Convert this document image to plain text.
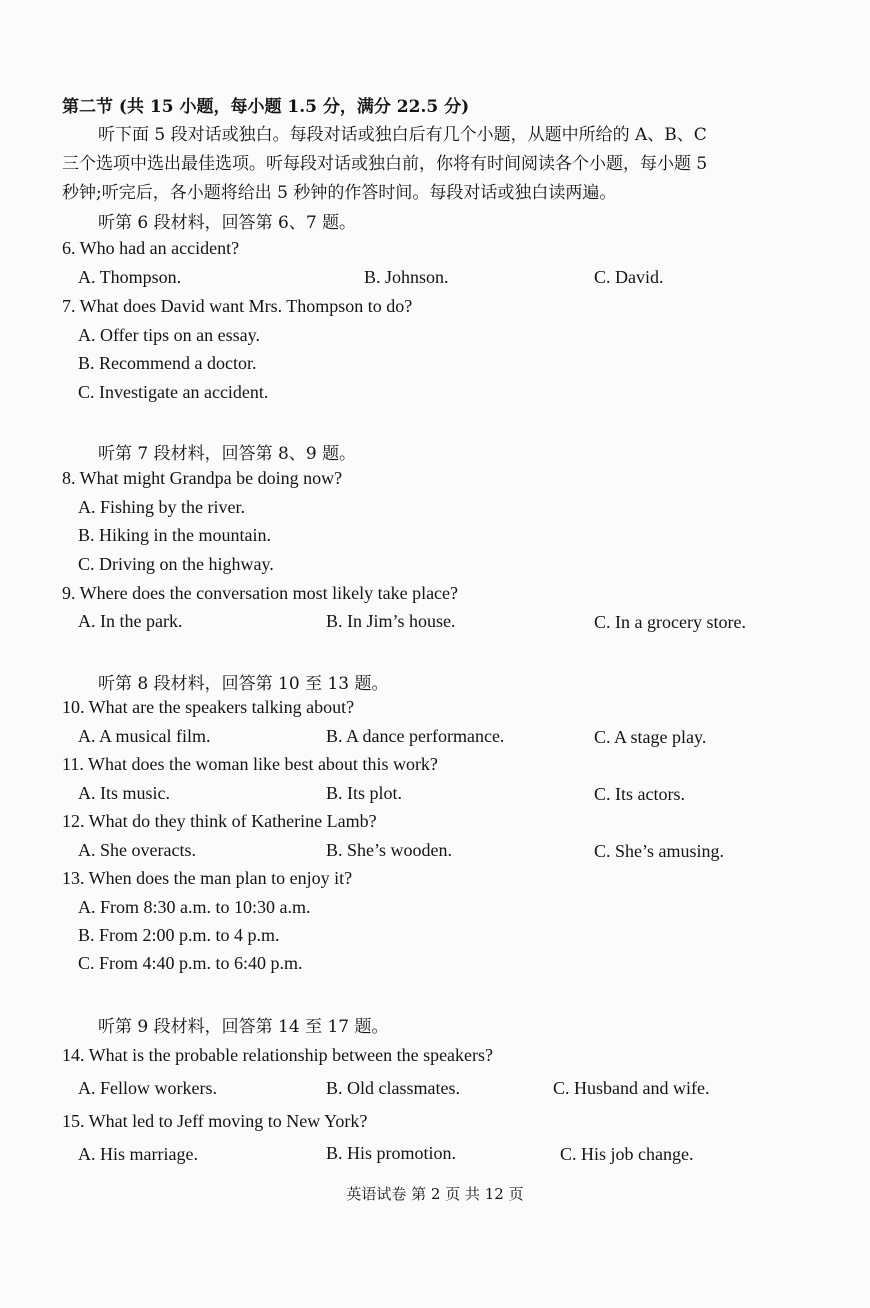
第二节 (共 15 小题，每小题 1.5 分，满分 22.5 分)
听下面 5 段对话或独白。每段对话或独白后有几个小题，从题中所给的 A、B、C
三个选项中选出最佳选项。听每段对话或独白前，你将有时间阅读各个小题，每小题 5
秒钟;听完后，各小题将给出 5 秒钟的作答时间。每段对话或独白读两遍。
听第 6 段材料，回答第 6、7 题。
6. Who had an accident?
A. Thompson.	B. Johnson.	C. David.
7. What does David want Mrs. Thompson to do?
A. Offer tips on an essay.
B. Recommend a doctor.
C. Investigate an accident.
听第 7 段材料，回答第 8、9 题。
8. What might Grandpa be doing now?
A. Fishing by the river.
B. Hiking in the mountain.
C. Driving on the highway.
9. Where does the conversation most likely take place?
A. In the park.	B. In Jim’s house.	C. In a grocery store.
听第 8 段材料，回答第 10 至 13 题。
10. What are the speakers talking about?
A. A musical film.	B. A dance performance.	C. A stage play.
11. What does the woman like best about this work?
A. Its music.	B. Its plot.	C. Its actors.
12. What do they think of Katherine Lamb?
A. She overacts.	B. She’s wooden.	C. She’s amusing.
13. When does the man plan to enjoy it?
A. From 8:30 a.m. to 10:30 a.m.
B. From 2:00 p.m. to 4 p.m.
C. From 4:40 p.m. to 6:40 p.m.
听第 9 段材料，回答第 14 至 17 题。
14. What is the probable relationship between the speakers?
A. Fellow workers.	B. Old classmates.	C. Husband and wife.
15. What led to Jeff moving to New York?
A. His marriage.	B. His promotion.	C. His job change.
英语试卷 第 2 页 共 12 页
